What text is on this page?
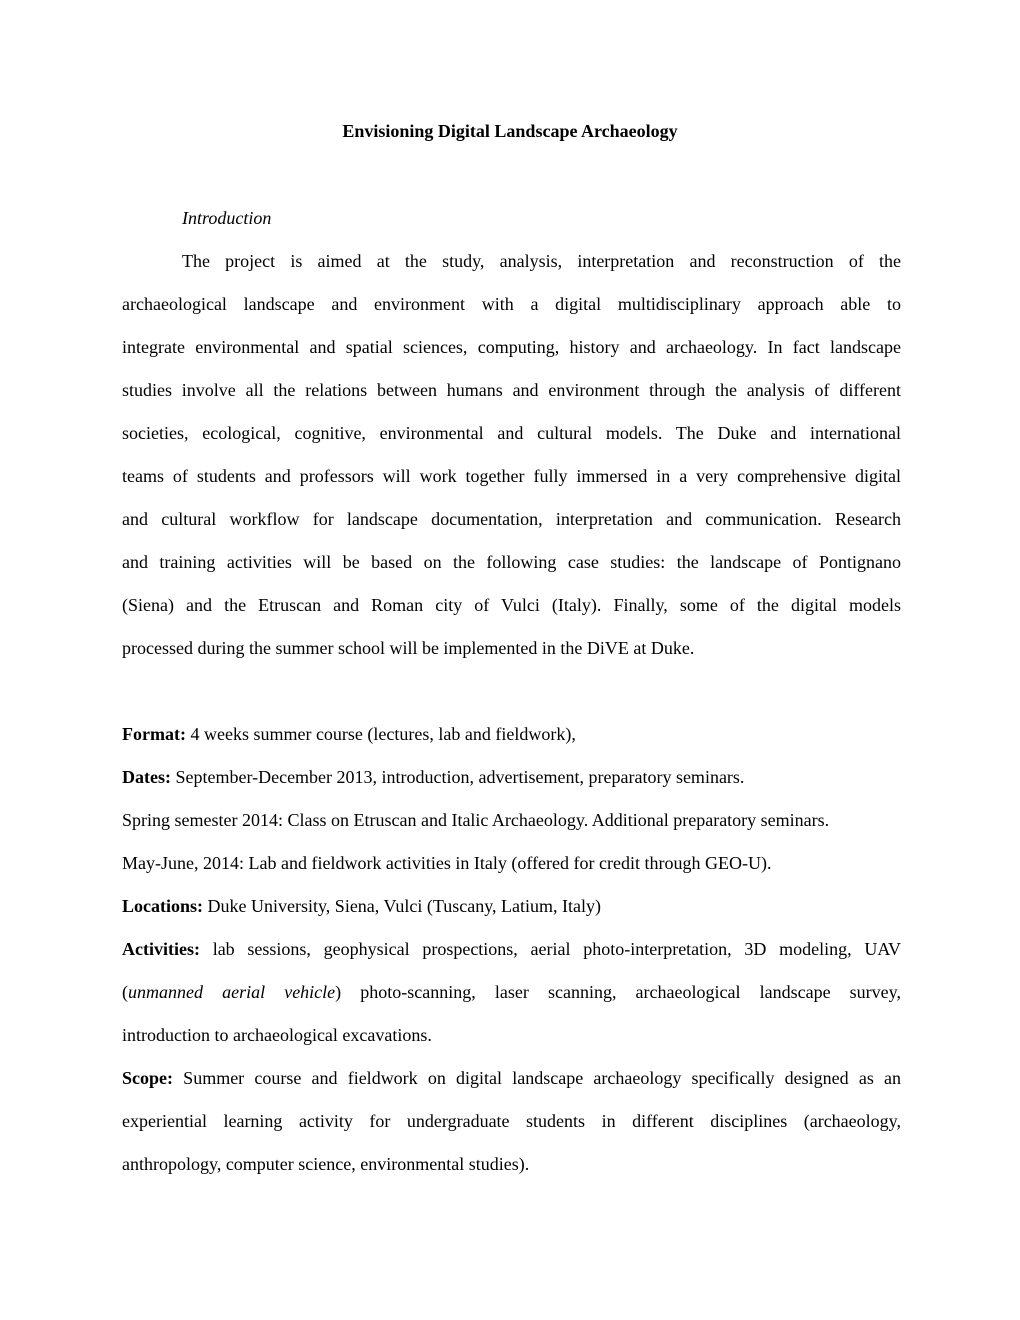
Envisioning Digital Landscape Archaeology
Introduction
The project is aimed at the study, analysis, interpretation and reconstruction of the
archaeological landscape and environment with a digital multidisciplinary approach able to
integrate environmental and spatial sciences, computing, history and archaeology. In fact landscape
studies involve all the relations between humans and environment through the analysis of different
societies, ecological, cognitive, environmental and cultural models. The Duke and international
teams of students and professors will work together fully immersed in a very comprehensive digital
and cultural workflow for landscape documentation, interpretation and communication. Research
and training activities will be based on the following case studies: the landscape of Pontignano
(Siena) and the Etruscan and Roman city of Vulci (Italy). Finally, some of the digital models
processed during the summer school will be implemented in the DiVE at Duke.
Format: 4 weeks summer course (lectures, lab and fieldwork),
Dates: September-December 2013, introduction, advertisement, preparatory seminars.
Spring semester 2014: Class on Etruscan and Italic Archaeology. Additional preparatory seminars.
May-June, 2014: Lab and fieldwork activities in Italy (offered for credit through GEO-U).
Locations: Duke University, Siena, Vulci (Tuscany, Latium, Italy)
Activities: lab sessions, geophysical prospections, aerial photo-interpretation, 3D modeling, UAV
(unmanned aerial vehicle) photo-scanning, laser scanning, archaeological landscape survey,
introduction to archaeological excavations.
Scope: Summer course and fieldwork on digital landscape archaeology specifically designed as an
experiential learning activity for undergraduate students in different disciplines (archaeology,
anthropology, computer science, environmental studies).
